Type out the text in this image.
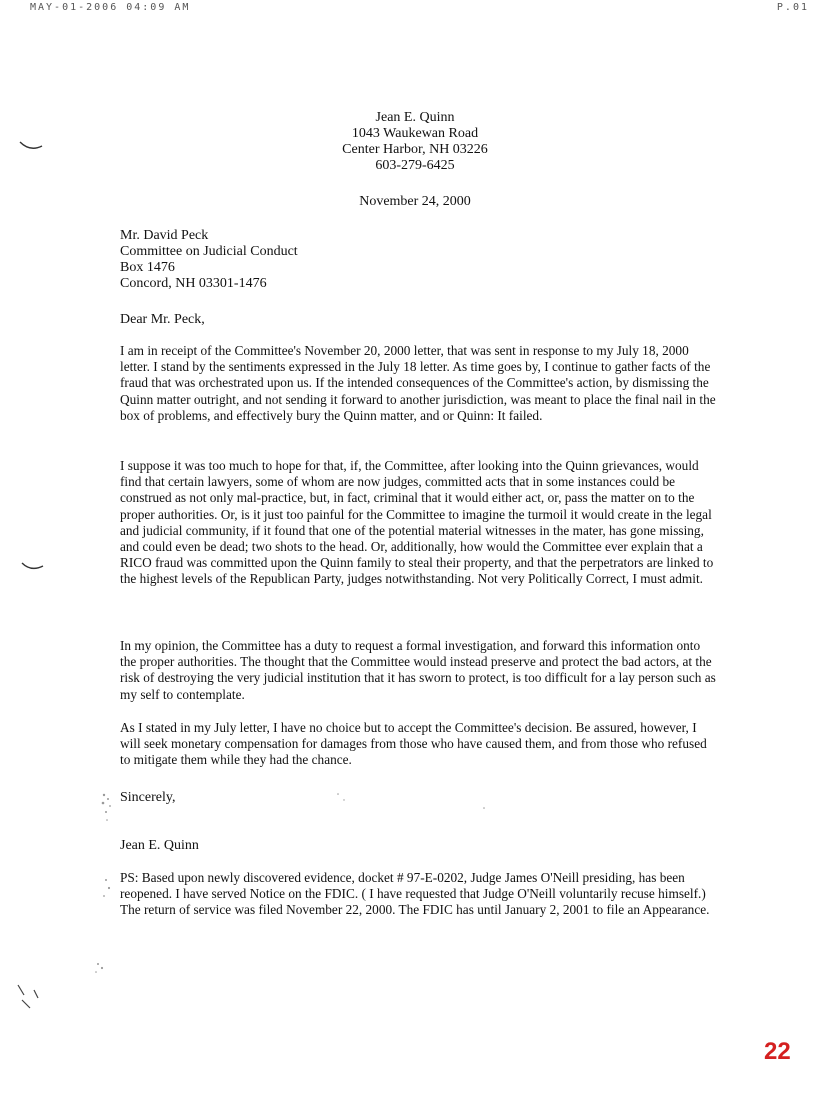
MAY-01-2006 04:09 AM	P.01
Jean E. Quinn
1043 Waukewan Road
Center Harbor, NH 03226
603-279-6425
November 24, 2000
Mr. David Peck
Committee on Judicial Conduct
Box 1476
Concord, NH 03301-1476
Dear Mr. Peck,

I am in receipt of the Committee's November 20, 2000 letter, that was sent in response to my July 18, 2000 letter. I stand by the sentiments expressed in the July 18 letter. As time goes by, I continue to gather facts of the fraud that was orchestrated upon us. If the intended consequences of the Committee's action, by dismissing the Quinn matter outright, and not sending it forward to another jurisdiction, was meant to place the final nail in the box of problems, and effectively bury the Quinn matter, and or Quinn: It failed.

I suppose it was too much to hope for that, if, the Committee, after looking into the Quinn grievances, would find that certain lawyers, some of whom are now judges, committed acts that in some instances could be construed as not only mal-practice, but, in fact, criminal that it would either act, or, pass the matter on to the proper authorities. Or, is it just too painful for the Committee to imagine the turmoil it would create in the legal and judicial community, if it found that one of the potential material witnesses in the mater, has gone missing, and could even be dead; two shots to the head. Or, additionally, how would the Committee ever explain that a RICO fraud was committed upon the Quinn family to steal their property, and that the perpetrators are linked to the highest levels of the Republican Party, judges notwithstanding. Not very Politically Correct, I must admit.

In my opinion, the Committee has a duty to request a formal investigation, and forward this information onto the proper authorities. The thought that the Committee would instead preserve and protect the bad actors, at the risk of destroying the very judicial institution that it has sworn to protect, is too difficult for a lay person such as my self to contemplate.

As I stated in my July letter, I have no choice but to accept the Committee's decision. Be assured, however, I will seek monetary compensation for damages from those who have caused them, and from those who refused to mitigate them while they had the chance.

Sincerely,
Jean E. Quinn

PS: Based upon newly discovered evidence, docket # 97-E-0202, Judge James O'Neill presiding, has been reopened. I have served Notice on the FDIC. ( I have requested that Judge O'Neill voluntarily recuse himself.) The return of service was filed November 22, 2000. The FDIC has until January 2, 2001 to file an Appearance.

22
